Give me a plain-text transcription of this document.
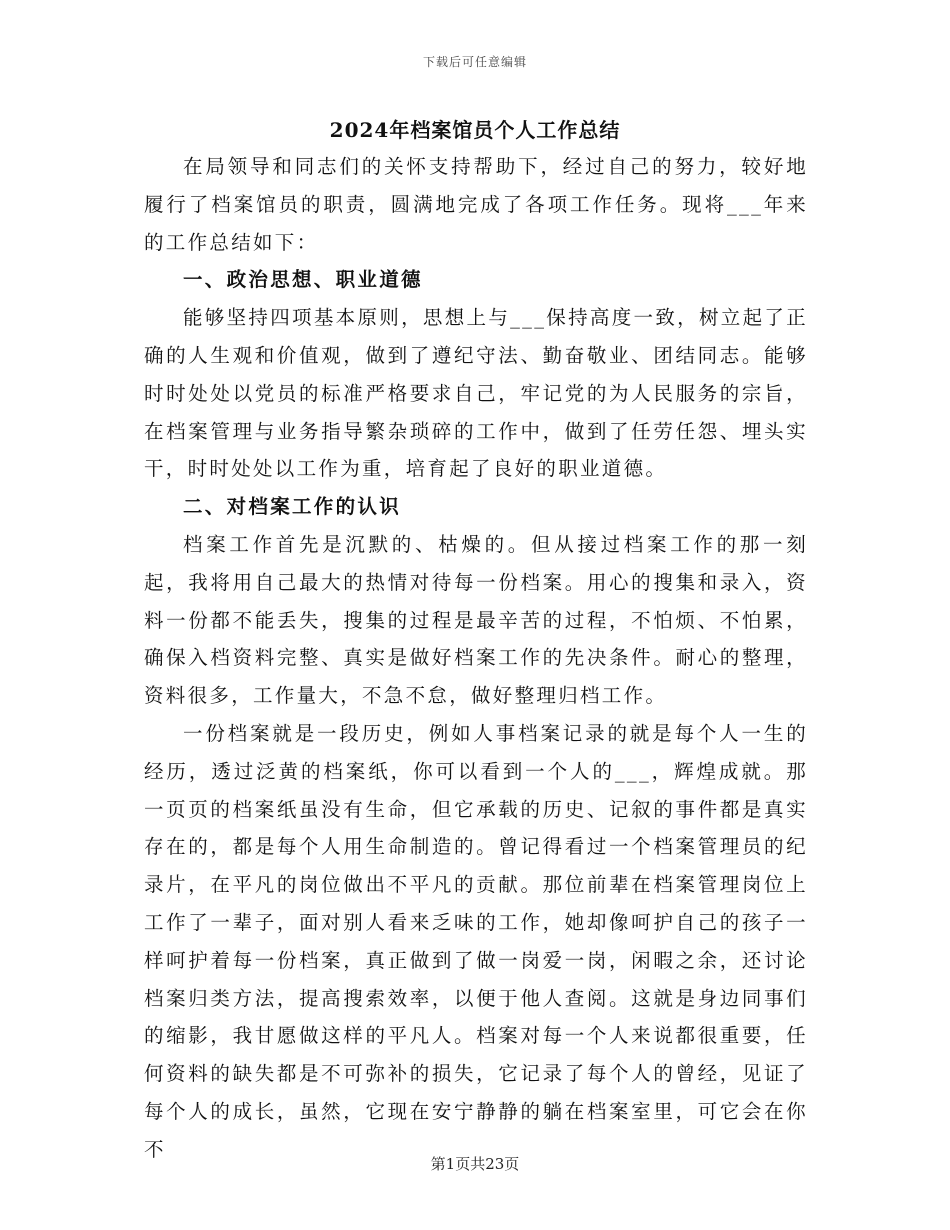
下载后可任意编辑
2024年档案馆员个人工作总结

在局领导和同志们的关怀支持帮助下，经过自己的努力，较好地履行了档案馆员的职责，圆满地完成了各项工作任务。现将___年来的工作总结如下：

一、政治思想、职业道德

能够坚持四项基本原则，思想上与___保持高度一致，树立起了正确的人生观和价值观，做到了遵纪守法、勤奋敬业、团结同志。能够时时处处以党员的标准严格要求自己，牢记党的为人民服务的宗旨，在档案管理与业务指导繁杂琐碎的工作中，做到了任劳任怨、埋头实干，时时处处以工作为重，培育起了良好的职业道德。

二、对档案工作的认识

档案工作首先是沉默的、枯燥的。但从接过档案工作的那一刻起，我将用自己最大的热情对待每一份档案。用心的搜集和录入，资料一份都不能丢失，搜集的过程是最辛苦的过程，不怕烦、不怕累，确保入档资料完整、真实是做好档案工作的先决条件。耐心的整理，资料很多，工作量大，不急不怠，做好整理归档工作。

一份档案就是一段历史，例如人事档案记录的就是每个人一生的经历，透过泛黄的档案纸，你可以看到一个人的___，辉煌成就。那一页页的档案纸虽没有生命，但它承载的历史、记叙的事件都是真实存在的，都是每个人用生命制造的。曾记得看过一个档案管理员的纪录片，在平凡的岗位做出不平凡的贡献。那位前辈在档案管理岗位上工作了一辈子，面对别人看来乏味的工作，她却像呵护自己的孩子一样呵护着每一份档案，真正做到了做一岗爱一岗，闲暇之余，还讨论档案归类方法，提高搜索效率，以便于他人查阅。这就是身边同事们的缩影，我甘愿做这样的平凡人。档案对每一个人来说都很重要，任何资料的缺失都是不可弥补的损失，它记录了每个人的曾经，见证了每个人的成长，虽然，它现在安宁静静的躺在档案室里，可它会在你不

第1页共23页
